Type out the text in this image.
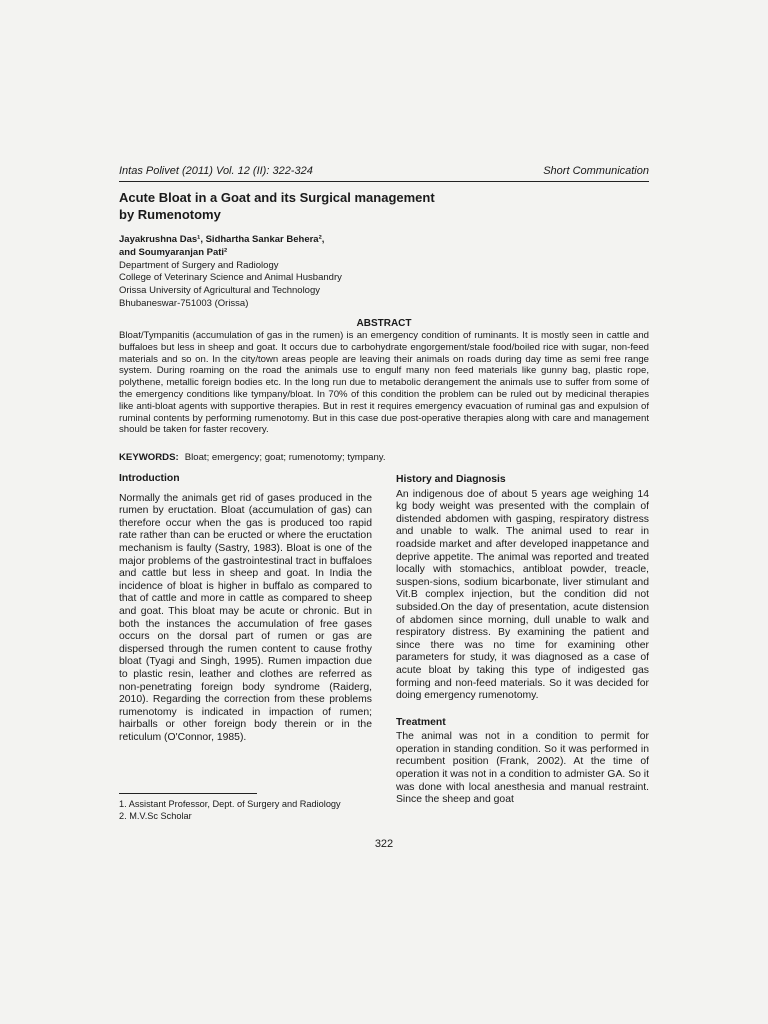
Intas Polivet (2011) Vol. 12 (II): 322-324	Short Communication
Acute Bloat in a Goat and its Surgical management by Rumenotomy
Jayakrushna Das¹, Sidhartha Sankar Behera²,
and Soumyaranjan Pati²
Department of Surgery and Radiology
College of Veterinary Science and Animal Husbandry
Orissa University of Agricultural and Technology
Bhubaneswar-751003 (Orissa)
ABSTRACT
Bloat/Tympanitis (accumulation of gas in the rumen) is an emergency condition of ruminants. It is mostly seen in cattle and buffaloes but less in sheep and goat. It occurs due to carbohydrate engorgement/stale food/boiled rice with sugar, non-feed materials and so on. In the city/town areas people are leaving their animals on roads during day time as semi free range system. During roaming on the road the animals use to engulf many non feed materials like gunny bag, plastic rope, polythene, metallic foreign bodies etc. In the long run due to metabolic derangement the animals use to suffer from some of the emergency conditions like tympany/bloat. In 70% of this condition the problem can be ruled out by medicinal therapies like anti-bloat agents with supportive therapies. But in rest it requires emergency evacuation of ruminal gas and expulsion of ruminal contents by performing rumenotomy. But in this case due post-operative therapies along with care and management should be taken for faster recovery.
KEYWORDS: Bloat; emergency; goat; rumenotomy; tympany.
Introduction

Normally the animals get rid of gases produced in the rumen by eructation. Bloat (accumulation of gas) can therefore occur when the gas is produced too rapid rate rather than can be eructed or where the eructation mechanism is faulty (Sastry, 1983). Bloat is one of the major problems of the gastrointestinal tract in buffaloes and cattle but less in sheep and goat. In India the incidence of bloat is higher in buffalo as compared to that of cattle and more in cattle as compared to sheep and goat. This bloat may be acute or chronic. But in both the instances the accumulation of free gases occurs on the dorsal part of rumen or gas are dispersed through the rumen content to cause frothy bloat (Tyagi and Singh, 1995). Rumen impaction due to plastic resin, leather and clothes are referred as non-penetrating foreign body syndrome (Raiderg, 2010). Regarding the correction from these problems rumenotomy is indicated in impaction of rumen; hairballs or other foreign body therein or in the reticulum (O'Connor, 1985).

History and Diagnosis

An indigenous doe of about 5 years age weighing 14 kg body weight was presented with the complain of distended abdomen with gasping, respiratory distress and unable to walk. The animal used to rear in roadside market and after developed inappetance and deprive appetite. The animal was reported and treated locally with stomachics, antibloat powder, treacle, suspen-sions, sodium bicarbonate, liver stimulant and Vit.B complex injection, but the condition did not subsided.On the day of presentation, acute distension of abdomen since morning, dull unable to walk and respiratory distress. By examining the patient and since there was no time for examining other parameters for study, it was diagnosed as a case of acute bloat by taking this type of indigested gas forming and non-feed materials. So it was decided for doing emergency rumenotomy.

Treatment

The animal was not in a condition to permit for operation in standing condition. So it was performed in recumbent position (Frank, 2002). At the time of operation it was not in a condition to admister GA. So it was done with local anesthesia and manual restraint. Since the sheep and goat

1. Assistant Professor, Dept. of Surgery and Radiology
2. M.V.Sc Scholar
322
